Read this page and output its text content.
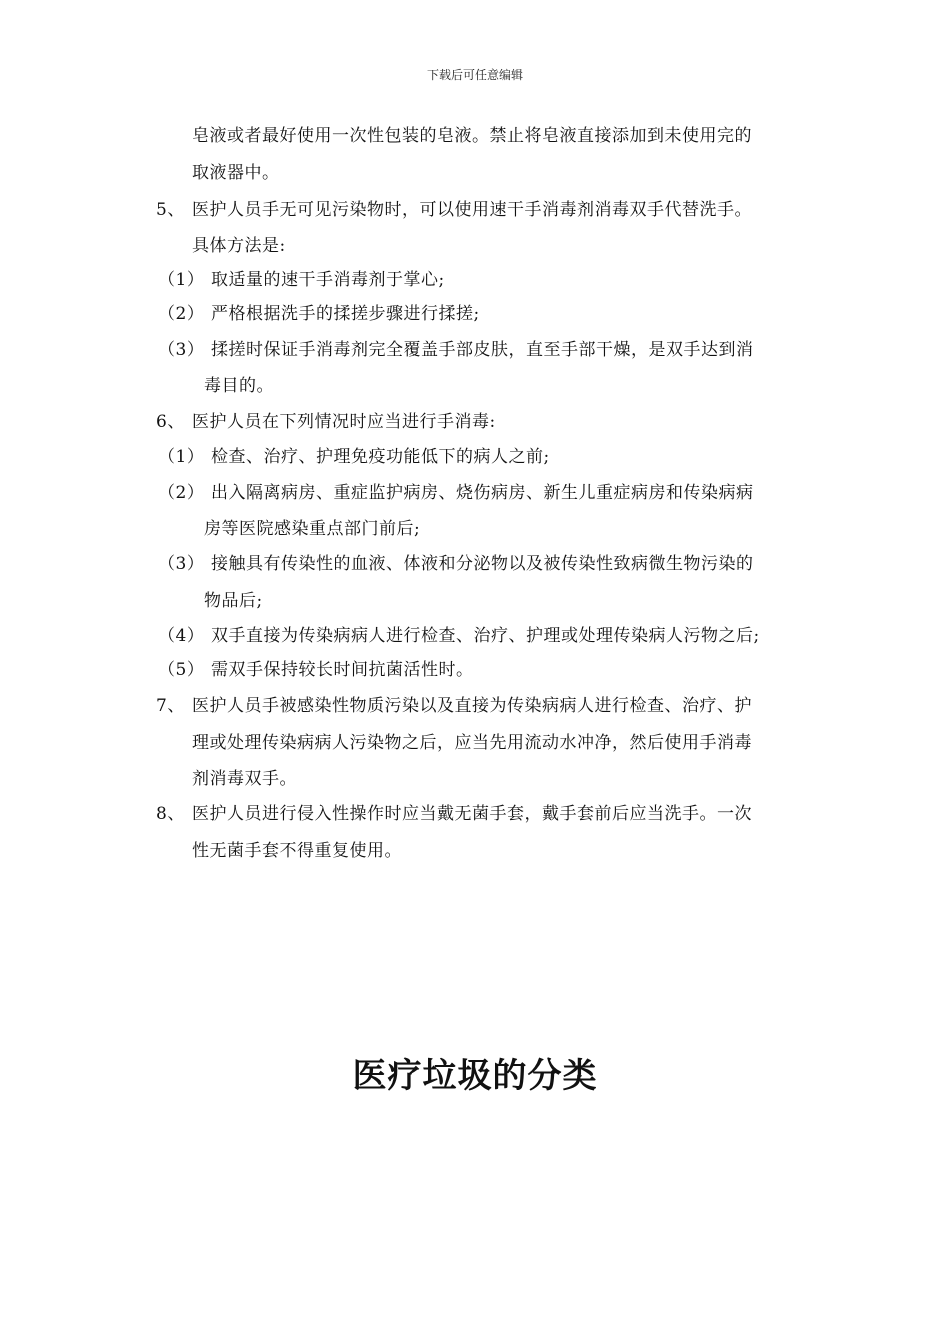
下载后可任意编辑
皂液或者最好使用一次性包装的皂液。禁止将皂液直接添加到未使用完的
取液器中。
5、 医护人员手无可见污染物时，可以使用速干手消毒剂消毒双手代替洗手。
具体方法是:
（1） 取适量的速干手消毒剂于掌心;
（2） 严格根据洗手的揉搓步骤进行揉搓;
（3） 揉搓时保证手消毒剂完全覆盖手部皮肤，直至手部干燥，是双手达到消
毒目的。
6、 医护人员在下列情况时应当进行手消毒:
（1） 检查、治疗、护理免疫功能低下的病人之前;
（2） 出入隔离病房、重症监护病房、烧伤病房、新生儿重症病房和传染病病
房等医院感染重点部门前后;
（3） 接触具有传染性的血液、体液和分泌物以及被传染性致病微生物污染的
物品后;
（4） 双手直接为传染病病人进行检查、治疗、护理或处理传染病人污物之后;
（5） 需双手保持较长时间抗菌活性时。
7、 医护人员手被感染性物质污染以及直接为传染病病人进行检查、治疗、护
理或处理传染病病人污染物之后，应当先用流动水冲净，然后使用手消毒
剂消毒双手。
8、 医护人员进行侵入性操作时应当戴无菌手套，戴手套前后应当洗手。一次
性无菌手套不得重复使用。
医疗垃圾的分类
